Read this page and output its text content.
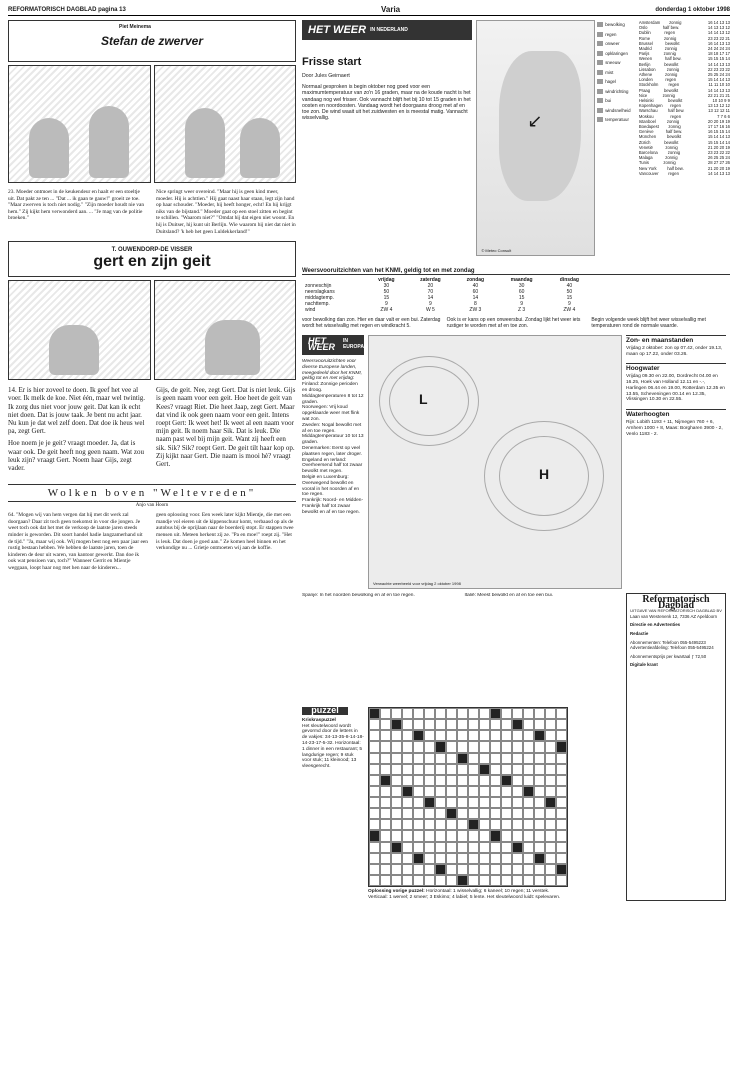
REFORMATORISCH DAGBLAD pagina 13	Varia	donderdag 1 oktober 1998
Piet Meinema
Stefan de zwerver
23. Moeder ontmoet in de keukendeur en haalt er een stoeltje uit. Dat pakt ze ten ... "Dat ... ik gaan te gauw!" groeit ze toe. "Maar zwerven is toch niet nodig." "Zijn moeder houdt nie van hem." Zij kijkt hem verwonderd aan. ... "Je mag van de politie broeken."
Nice springt weer overeind. "Maar hij is geen kind meer, moeder. Hij is achttien." Hij gaat naast haar staan, legt zijn hand op haar schouder. "Moeder, hij heeft honger, echt! En hij krijgt niks van de bijstand." Moeder gaat op een stoel zitten en begint te schillen. "Waarom niet?" "Omdat hij dat eigen niet woont. En hij is Duitser, hij kunt uit Berlijn. Wie waarom hij niet dat niet in Duitsland? 'k heb het geen Luldekkerland!"
T. OUWENDORP-DE VISSER
gert en zijn geit

14. Er is hier zoveel te doen. Ik geef het vee al voer. Ik melk de koe. Niet één, maar wel twintig. Ik zorg dus niet voor jouw geit. Dat kan ik echt niet doen. Dat is jouw taak. Je bent nu acht jaar. Nu kun je dat wel zelf doen. Dat doe ik heus wel pa, zegt Gert.

Hoe noem je je geit? vraagt moeder. Ja, dat is waar ook. De geit heeft nog geen naam. Wat zou leuk zijn? vraagt Gert. Noem haar Gijs, zegt vader.

Gijs, de geit. Nee, zegt Gert. Dat is niet leuk. Gijs is geen naam voor een geit. Hoe heet de geit van Kees? vraagt Riet. Die heet Jaap, zegt Gert. Maar dat vind ik ook geen naam voor een geit. Intens roept Gert: Ik weet het! Ik weet al een naam voor mijn geit. Ik noem haar Sik. Dat is leuk. Die naam past wel bij mijn geit. Want zij heeft een sik. Sik? Sik? roept Gert. De geit tilt haar kop op. Zij kijkt naar Gert. Die naam is mooi hè? vraagt Gert.

Wolken boven "Weltevreden"
Anjo van Hoorn
64. "Mogen wij van hem vergen dat hij met dit werk zal doorgaan? Daar zit toch geen toekomst in voor die jongen. Je weet toch ook dat het met de verkoop de laatste jaren steeds minder is geworden. Dit soort handel hadie langzamerhand uit de tijd." "Ja, maar wij ook. Wij mogen best nog een paar jaar een rustig bestaan hebben. We hebben de laatste jaren, toen de kinderen de deur uit waren, van kantoor gewerkt. Dan doe ik ook wat pensioen van, toch?" Wanneer Gerrit en Mientje weggaan, loopt haar nog met hen naar de kinderen...
geen oplossing voor. Een week later kijkt Mientje, die met een mandje vol eieren uit de kippenschuur komt, verbaasd op als de autobus bij de oprijlaan naar de boerderij stopt. Er stappen twee mensen uit. Meteen herkent zij ze. "Pa en moe!" roept zij. "Het is leuk. Dat doen je goed aan." Ze komen heel binnen en het verkondige nu ... Grietje ontmoeten wij aan de koffie.
HET WEER IN NEDERLAND
Frisse start
Door Jules Geirnaert
Normaal gesproken is begin oktober nog goed voor een maximumtemperatuur van zo'n 16 graden, maar na de koude nacht is het vandaag nog wel frisser. Ook vannacht blijft het bij 10 tot 15 graden in het oosten en noordoosten. Vandaag wordt het doorgaans droog met af en toe zon. De wind waait uit het zuidwesten en is meestal matig. Vannacht wisselvallig.	↙
© Meteo Consult
bewolking
regen
onweer
opklaringen
sneeuw
mist
hagel
windrichting
bui
windsnelheid
temperatuur
Amsterdam zonnig	16 14 13 13
Oslo	half bew.	14 13 13 12
Dublin	regen	14 14 13 12
Rome	zonnig	23 23 22 21
Brussel	bewolkt	16 14 13 13
Madrid	zonnig	24 24 24 24
Parijs	zonnig	18 18 17 17
Wenen	half bew.	15 15 15 14
Berlijn	bewolkt	14 14 13 13
Lissabon	zonnig	22 23 23 22
Athene	zonnig	25 25 24 24
Londen	regen	15 14 14 13
Stockholm regen	11 11 10 10
Praag	bewolkt	14 14 13 13
Nice	zonnig	22 21 21 21
Helsinki	bewolkt	10 10 9 9
Kopenhagen regen	13 13 12 12
Warschau half bew.	13 12 12 11
Moskou	regen	7 7 6 6
Istanboel	zonnig	20 20 19 19
Boedapest zonnig	17 17 16 16
Genève	half bew.	16 15 15 14
München	bewolkt	15 14 14 13
Zürich	bewolkt	15 15 14 14
Venetië	zonnig	21 20 20 19
Barcelona zonnig	23 23 22 22
Malaga	zonnig	26 25 25 24
Tunis	zonnig	28 27 27 26
New York	half bew.	21 20 20 19
Vancouver regen	14 14 13 13
Weersvooruitzichten van het KNMI, geldig tot en met zondag
	vrijdag	zaterdag	zondag	maandag	dinsdag
zonneschijn	30	20	40	30	40
neerslagkans	50	70	60	60	50
middagtemp.	15	14	14	15	15
nachttemp.	9	9	8	9	9
wind	ZW 4	W 5	ZW 3	Z 3	ZW 4
voor bewolking dan zon. Hier en daar valt er een bui. Zaterdag wordt het wisselvallig met regen en windkracht 5.
Ook is er kans op een onweersbui. Zondag lijkt het weer iets rustiger te worden met af en toe zon.
Begin volgende week blijft het weer wisselvallig met temperaturen rond de normale waarde.
HET WEER
IN EUROPA

Weersvooruitzichten voor diverse Europese landen, meegedeeld door het KNMI, geldig tot en met vrijdag:

Finland: Zonnige perioden en droog. Middagtemperaturen 8 tot 12 graden.

Noorwegen: Vrij koud opgeklaarde weer met flink wat zon.

Zweden: Nogal bewolkt met af en toe regen. Middagtemperatuur 10 tot 13 graden.

Denemarken: Eerst op veel plaatsen regen, later droger.

Engeland en Ierland: Overheersend half tot zwaar bewolkt met regen.

België en Luxemburg: Overwegend bewolkt en vooral in het noorden af en toe regen.

Frankrijk: Noord- en Midden-Frankrijk half tot zwaar bewolkt en af en toe regen.

L
H
Verwachte weerbeeld voor vrijdag 2 oktober 1998
Zon- en maanstanden

Vrijdag 2 oktober: zon op 07.42, onder 19.13, maan op 17.22, onder 03.26.

Hoogwater

Vrijdag 09.30 en 22.00, Dordrecht 04.00 en 16.25, Hoek van Holland 12.11 en -.-, Harlingen 06.44 en 19.00, Rotterdam 12.35 en 13.55, Scheveningen 00.14 en 12.35, Vlissingen 10.30 en 22.55.

Waterhoogten

Rijn: Lobith 1193 + 11, Nijmegen 760 + 6, Arnhem 1000 + 8, Maas: Borgharen 3900 - 2, Venlo 1183 - 2.

Spanje: In het noorden bewolking en af en toe regen.	Italië: Meest bewolkt en af en toe een bui.
puzzel
Kriskraspuzzel

Het sleutelwoord wordt gevormd door de letters in de vakjes: 34-13-35-8-14-18-14-23-17-5-32. Horizontaal: 1 dinner in een restaurant; 5 langdurige regen; 9 stuk voor stuk; 11 kleinood; 13 vleesgerecht.

Oplossing vorige puzzel: Horizontaal: 1 wisselvallig; 6 kaneel; 10 regen; 11 verstek. Verticaal: 1 wervel; 2 smeer; 3 Eskimo; 4 labiel; 5 lente. Het sleutelwoord luidt: spelevaren.
Reformatorisch Dagblad

UITGAVE VAN REFORMATORISCH DAGBLAD BV

Laan van Westenenk 12, 7336 AZ Apeldoorn

Directie en Advertenties

Redactie

Abonnementen: Telefoon 055-5495223

Advertentieafdeling: Telefoon 055-5495224

Abonnementsprijs per kwartaal ƒ 72,50

Digitale krant
